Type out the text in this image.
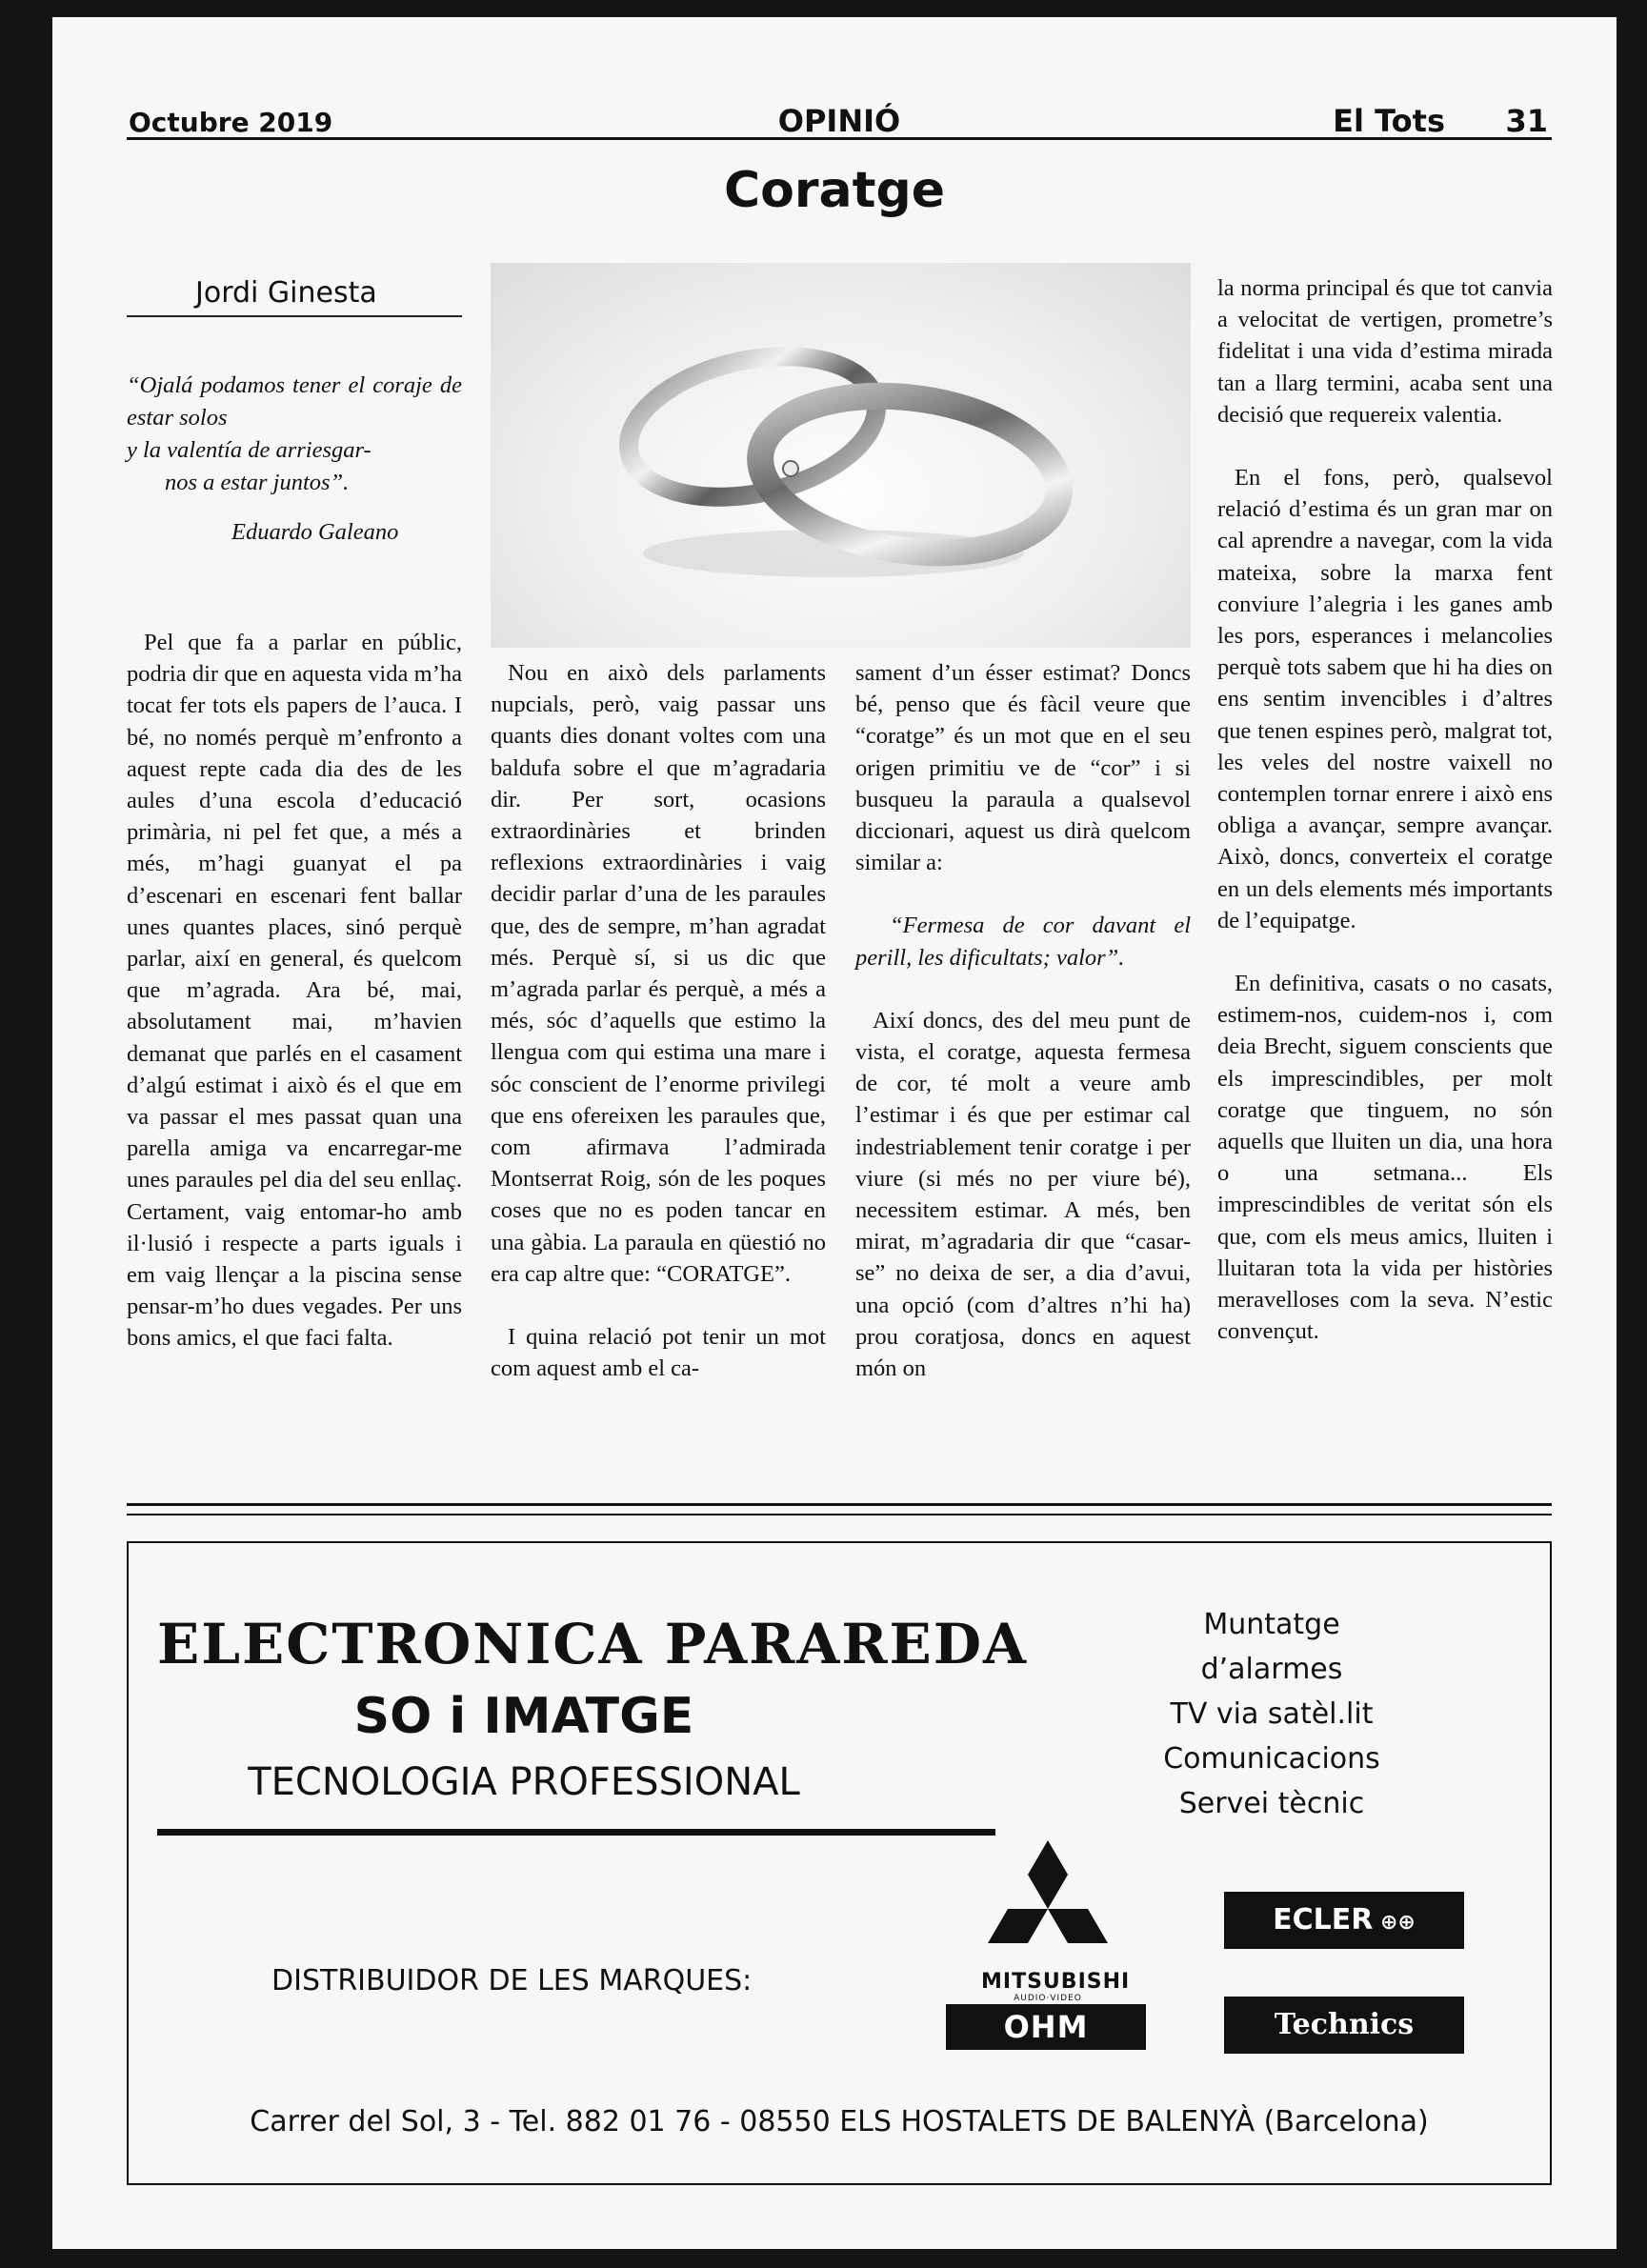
Octubre 2019	OPINIÓ	El Tots 31
Coratge
Jordi Ginesta

“Ojalá podamos tener el coraje de estar solos

y la valentía de arriesgar-

nos a estar juntos”.

Eduardo Galeano

Pel que fa a parlar en públic, podria dir que en aquesta vida m’ha tocat fer tots els papers de l’auca. I bé, no només perquè m’enfronto a aquest repte cada dia des de les aules d’una escola d’educació primària, ni pel fet que, a més a més, m’hagi guanyat el pa d’escenari en escenari fent ballar unes quantes places, sinó perquè parlar, així en general, és quelcom que m’agrada. Ara bé, mai, absolutament mai, m’havien demanat que parlés en el casament d’algú estimat i això és el que em va passar el mes passat quan una parella amiga va encarregar-me unes paraules pel dia del seu enllaç. Certament, vaig entomar-ho amb il·lusió i respecte a parts iguals i em vaig llençar a la piscina sense pensar-m’ho dues vegades. Per uns bons amics, el que faci falta.

Nou en això dels parlaments nupcials, però, vaig passar uns quants dies donant voltes com una baldufa sobre el que m’agradaria dir. Per sort, ocasions extraordinàries et brinden reflexions extraordinàries i vaig decidir parlar d’una de les paraules que, des de sempre, m’han agradat més. Perquè sí, si us dic que m’agrada parlar és perquè, a més a més, sóc d’aquells que estimo la llengua com qui estima una mare i sóc conscient de l’enorme privilegi que ens ofereixen les paraules que, com afirmava l’admirada Montserrat Roig, són de les poques coses que no es poden tancar en una gàbia. La paraula en qüestió no era cap altre que: “CORATGE”.

I quina relació pot tenir un mot com aquest amb el ca-

sament d’un ésser estimat? Doncs bé, penso que és fàcil veure que “coratge” és un mot que en el seu origen primitiu ve de “cor” i si busqueu la paraula a qualsevol diccionari, aquest us dirà quelcom similar a:

“Fermesa de cor davant el perill, les dificultats; valor”.

Així doncs, des del meu punt de vista, el coratge, aquesta fermesa de cor, té molt a veure amb l’estimar i és que per estimar cal indestriablement tenir coratge i per viure (si més no per viure bé), necessitem estimar. A més, ben mirat, m’agradaria dir que “casar-se” no deixa de ser, a dia d’avui, una opció (com d’altres n’hi ha) prou coratjosa, doncs en aquest món on

la norma principal és que tot canvia a velocitat de vertigen, prometre’s fidelitat i una vida d’estima mirada tan a llarg termini, acaba sent una decisió que requereix valentia.

En el fons, però, qualsevol relació d’estima és un gran mar on cal aprendre a navegar, com la vida mateixa, sobre la marxa fent conviure l’alegria i les ganes amb les pors, esperances i melancolies perquè tots sabem que hi ha dies on ens sentim invencibles i d’altres que tenen espines però, malgrat tot, les veles del nostre vaixell no contemplen tornar enrere i això ens obliga a avançar, sempre avançar. Això, doncs, converteix el coratge en un dels elements més importants de l’equipatge.

En definitiva, casats o no casats, estimem-nos, cuidem-nos i, com deia Brecht, siguem conscients que els imprescindibles, per molt coratge que tinguem, no són aquells que lluiten un dia, una hora o una setmana... Els imprescindibles de veritat són els que, com els meus amics, lluiten i lluitaran tota la vida per històries meravelloses com la seva. N’estic convençut.

ELECTRONICA PARAREDA
SO i IMATGE
TECNOLOGIA PROFESSIONAL
Muntatge d’alarmes
TV via satèl.lit
Comunicacions
Servei tècnic
DISTRIBUIDOR DE LES MARQUES:	MITSUBISHI
AUDIO·VIDEO
OHM
ECLER ⊕⊕
Technics
Carrer del Sol, 3 - Tel. 882 01 76 - 08550 ELS HOSTALETS DE BALENYÀ (Barcelona)
